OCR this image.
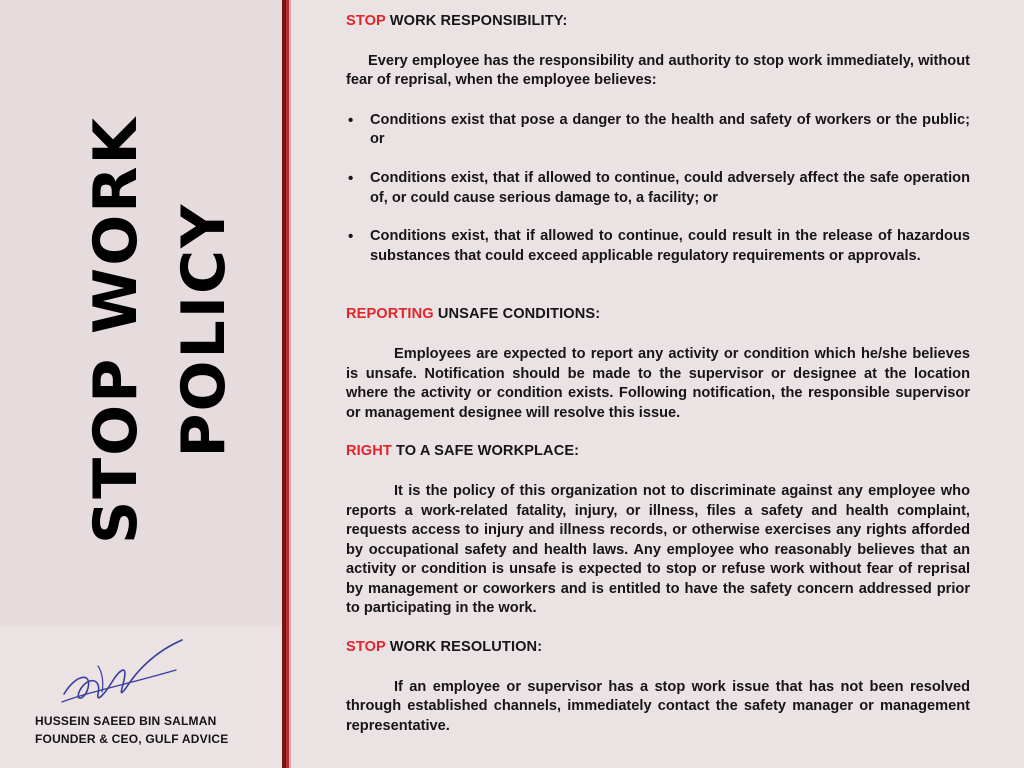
STOP WORK POLICY
HUSSEIN SAEED BIN SALMAN
FOUNDER & CEO, GULF ADVICE

STOP WORK RESPONSIBILITY:

Every employee has the responsibility and authority to stop work immediately, without fear of reprisal, when the employee believes:

• Conditions exist that pose a danger to the health and safety of workers or the public; or
• Conditions exist, that if allowed to continue, could adversely affect the safe operation of, or could cause serious damage to, a facility; or
• Conditions exist, that if allowed to continue, could result in the release of hazardous substances that could exceed applicable regulatory requirements or approvals.

REPORTING UNSAFE CONDITIONS:

Employees are expected to report any activity or condition which he/she believes is unsafe. Notification should be made to the supervisor or designee at the location where the activity or condition exists. Following notification, the responsible supervisor or management designee will resolve this issue.

RIGHT TO A SAFE WORKPLACE:

It is the policy of this organization not to discriminate against any employee who reports a work-related fatality, injury, or illness, files a safety and health complaint, requests access to injury and illness records, or otherwise exercises any rights afforded by occupational safety and health laws. Any employee who reasonably believes that an activity or condition is unsafe is expected to stop or refuse work without fear of reprisal by management or coworkers and is entitled to have the safety concern addressed prior to participating in the work.

STOP WORK RESOLUTION:

If an employee or supervisor has a stop work issue that has not been resolved through established channels, immediately contact the safety manager or management representative.
